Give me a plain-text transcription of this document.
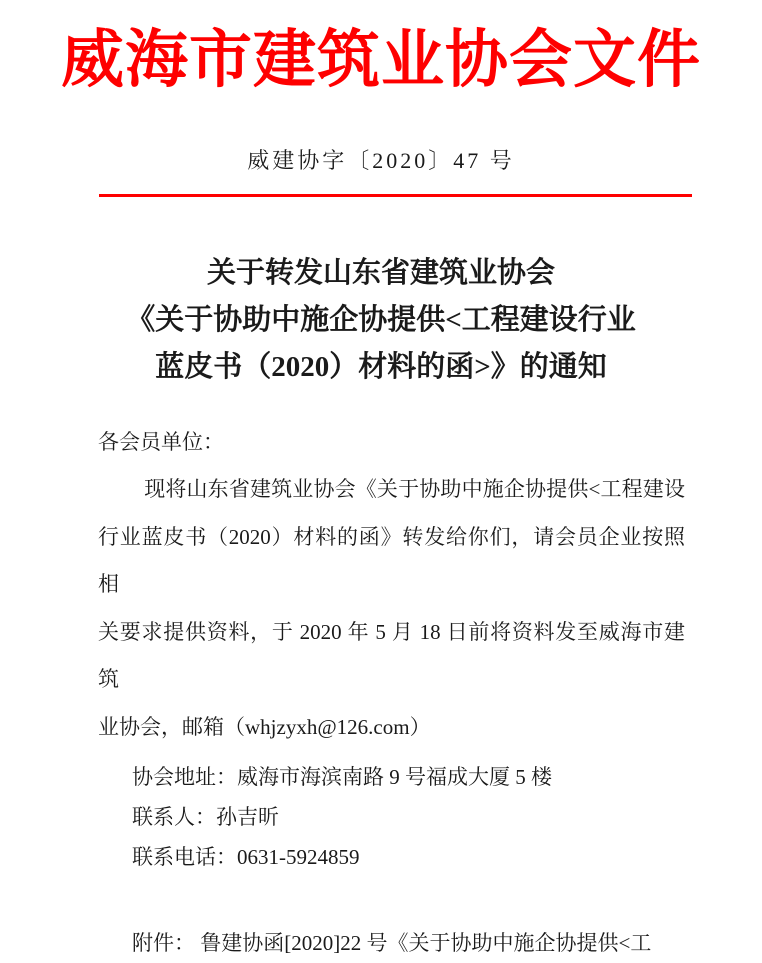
威海市建筑业协会文件
威建协字〔2020〕47 号
关于转发山东省建筑业协会
《关于协助中施企协提供<工程建设行业
蓝皮书（2020）材料的函>》的通知
各会员单位：
现将山东省建筑业协会《关于协助中施企协提供<工程建设
行业蓝皮书（2020）材料的函》转发给你们，请会员企业按照相
关要求提供资料，于 2020 年 5 月 18 日前将资料发至威海市建筑
业协会，邮箱（whjzyxh@126.com）
协会地址：威海市海滨南路 9 号福成大厦 5 楼
联系人：孙吉昕
联系电话：0631-5924859
附件： 鲁建协函[2020]22 号《关于协助中施企协提供<工
